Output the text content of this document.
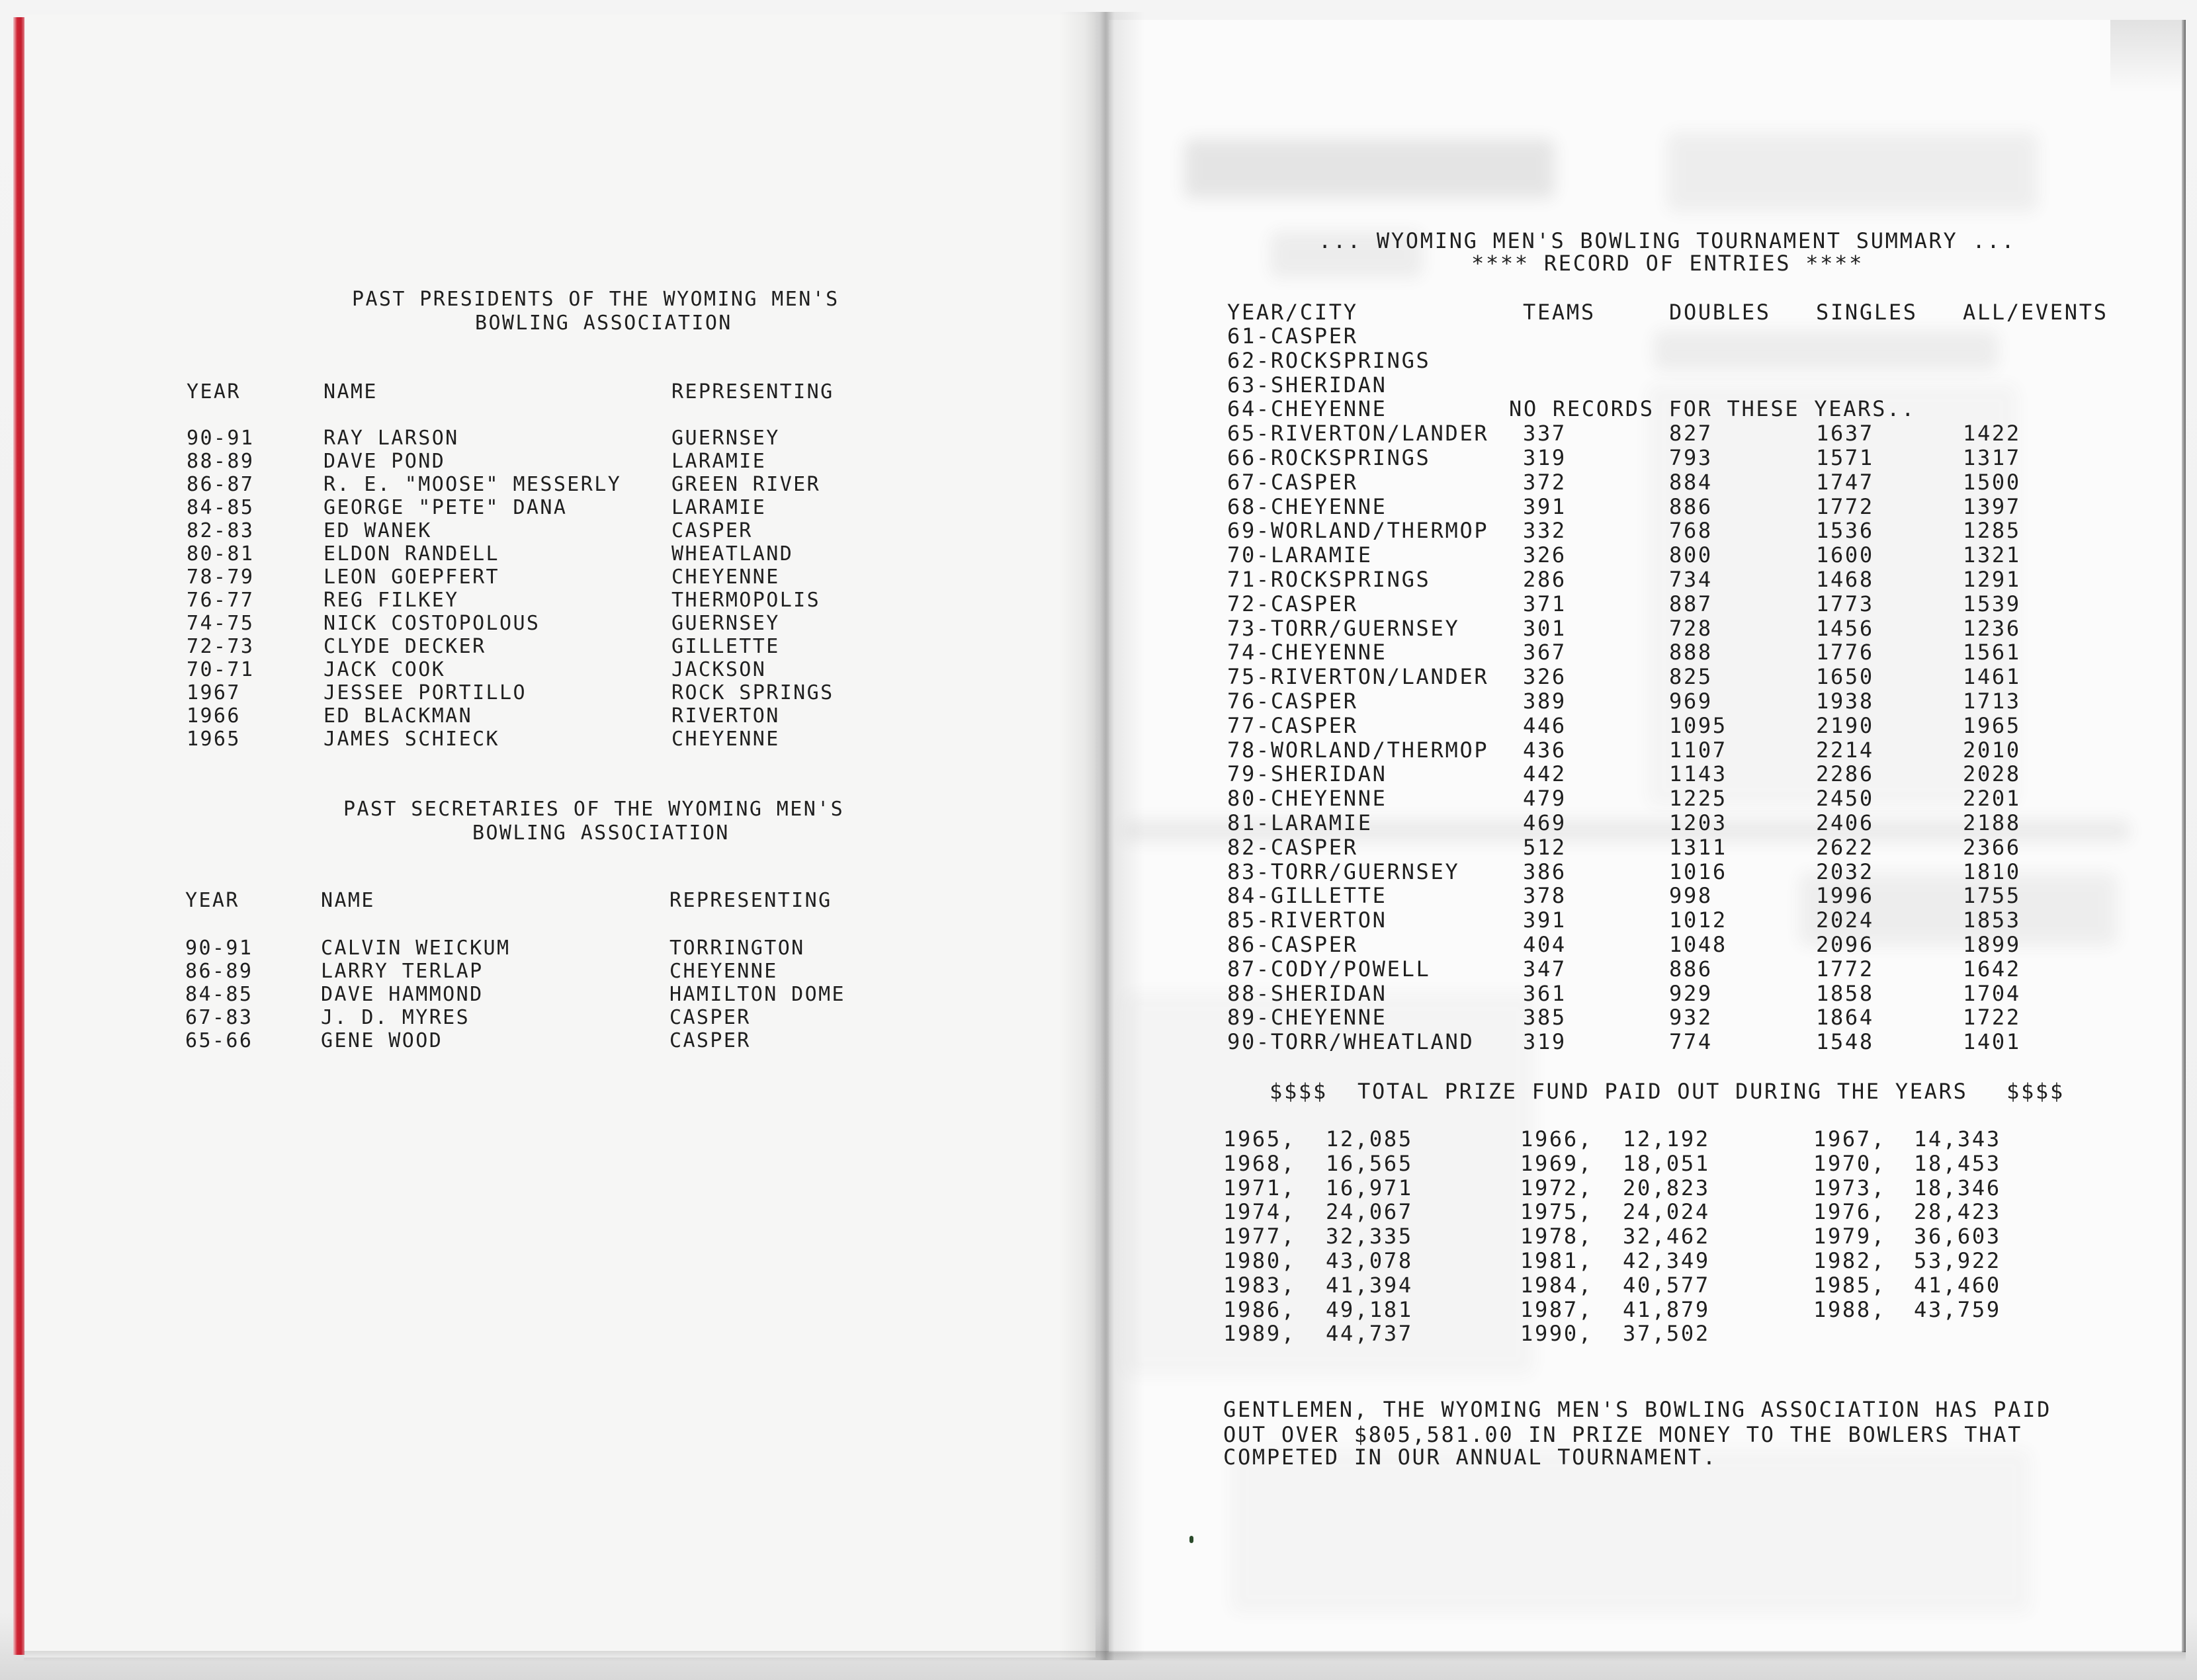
PAST PRESIDENTS OF THE WYOMING MEN'S
BOWLING ASSOCIATION
YEAR	NAME	REPRESENTING
90-91	RAY LARSON	GUERNSEY
88-89	DAVE POND	LARAMIE
86-87	R. E. "MOOSE" MESSERLY	GREEN RIVER
84-85	GEORGE "PETE" DANA	LARAMIE
82-83	ED WANEK	CASPER
80-81	ELDON RANDELL	WHEATLAND
78-79	LEON GOEPFERT	CHEYENNE
76-77	REG FILKEY	THERMOPOLIS
74-75	NICK COSTOPOLOUS	GUERNSEY
72-73	CLYDE DECKER	GILLETTE
70-71	JACK COOK	JACKSON
1967	JESSEE PORTILLO	ROCK SPRINGS
1966	ED BLACKMAN	RIVERTON
1965	JAMES SCHIECK	CHEYENNE
PAST SECRETARIES OF THE WYOMING MEN'S
BOWLING ASSOCIATION
YEAR	NAME	REPRESENTING
90-91	CALVIN WEICKUM	TORRINGTON
86-89	LARRY TERLAP	CHEYENNE
84-85	DAVE HAMMOND	HAMILTON DOME
67-83	J. D. MYRES	CASPER
65-66	GENE WOOD	CASPER
... WYOMING MEN'S BOWLING TOURNAMENT SUMMARY ...
**** RECORD OF ENTRIES ****
YEAR/CITY	TEAMS	DOUBLES SINGLES ALL/EVENTS
61-CASPER
62-ROCKSPRINGS
63-SHERIDAN
64-CHEYENNE
65-RIVERTON/LANDER 337	827	1637	1422
66-ROCKSPRINGS	319	793	1571	1317
67-CASPER	372	884	1747	1500
68-CHEYENNE	391	886	1772	1397
69-WORLAND/THERMOP 332	768	1536	1285
70-LARAMIE	326	800	1600	1321
71-ROCKSPRINGS	286	734	1468	1291
72-CASPER	371	887	1773	1539
73-TORR/GUERNSEY	301	728	1456	1236
74-CHEYENNE	367	888	1776	1561
75-RIVERTON/LANDER 326	825	1650	1461
76-CASPER	389	969	1938	1713
77-CASPER	446	1095	2190	1965
78-WORLAND/THERMOP 436	1107	2214	2010
79-SHERIDAN	442	1143	2286	2028
80-CHEYENNE	479	1225	2450	2201
81-LARAMIE	469	1203	2406	2188
82-CASPER	512	1311	2622	2366
83-TORR/GUERNSEY	386	1016	2032	1810
84-GILLETTE	378	998	1996	1755
85-RIVERTON	391	1012	2024	1853
86-CASPER	404	1048	2096	1899
87-CODY/POWELL	347	886	1772	1642
88-SHERIDAN	361	929	1858	1704
89-CHEYENNE	385	932	1864	1722
90-TORR/WHEATLAND 319	774	1548	1401
NO RECORDS FOR THESE YEARS..
$$$$ TOTAL PRIZE FUND PAID OUT DURING THE YEARS $$$$
1965, 12,085	1966, 12,192	1967, 14,343
1968, 16,565	1969, 18,051	1970, 18,453
1971, 16,971	1972, 20,823	1973, 18,346
1974, 24,067	1975, 24,024	1976, 28,423
1977, 32,335	1978, 32,462	1979, 36,603
1980, 43,078	1981, 42,349	1982, 53,922
1983, 41,394	1984, 40,577	1985, 41,460
1986, 49,181	1987, 41,879	1988, 43,759
1989, 44,737	1990, 37,502
GENTLEMEN, THE WYOMING MEN'S BOWLING ASSOCIATION HAS PAID
OUT OVER $805,581.00 IN PRIZE MONEY TO THE BOWLERS THAT
COMPETED IN OUR ANNUAL TOURNAMENT.
